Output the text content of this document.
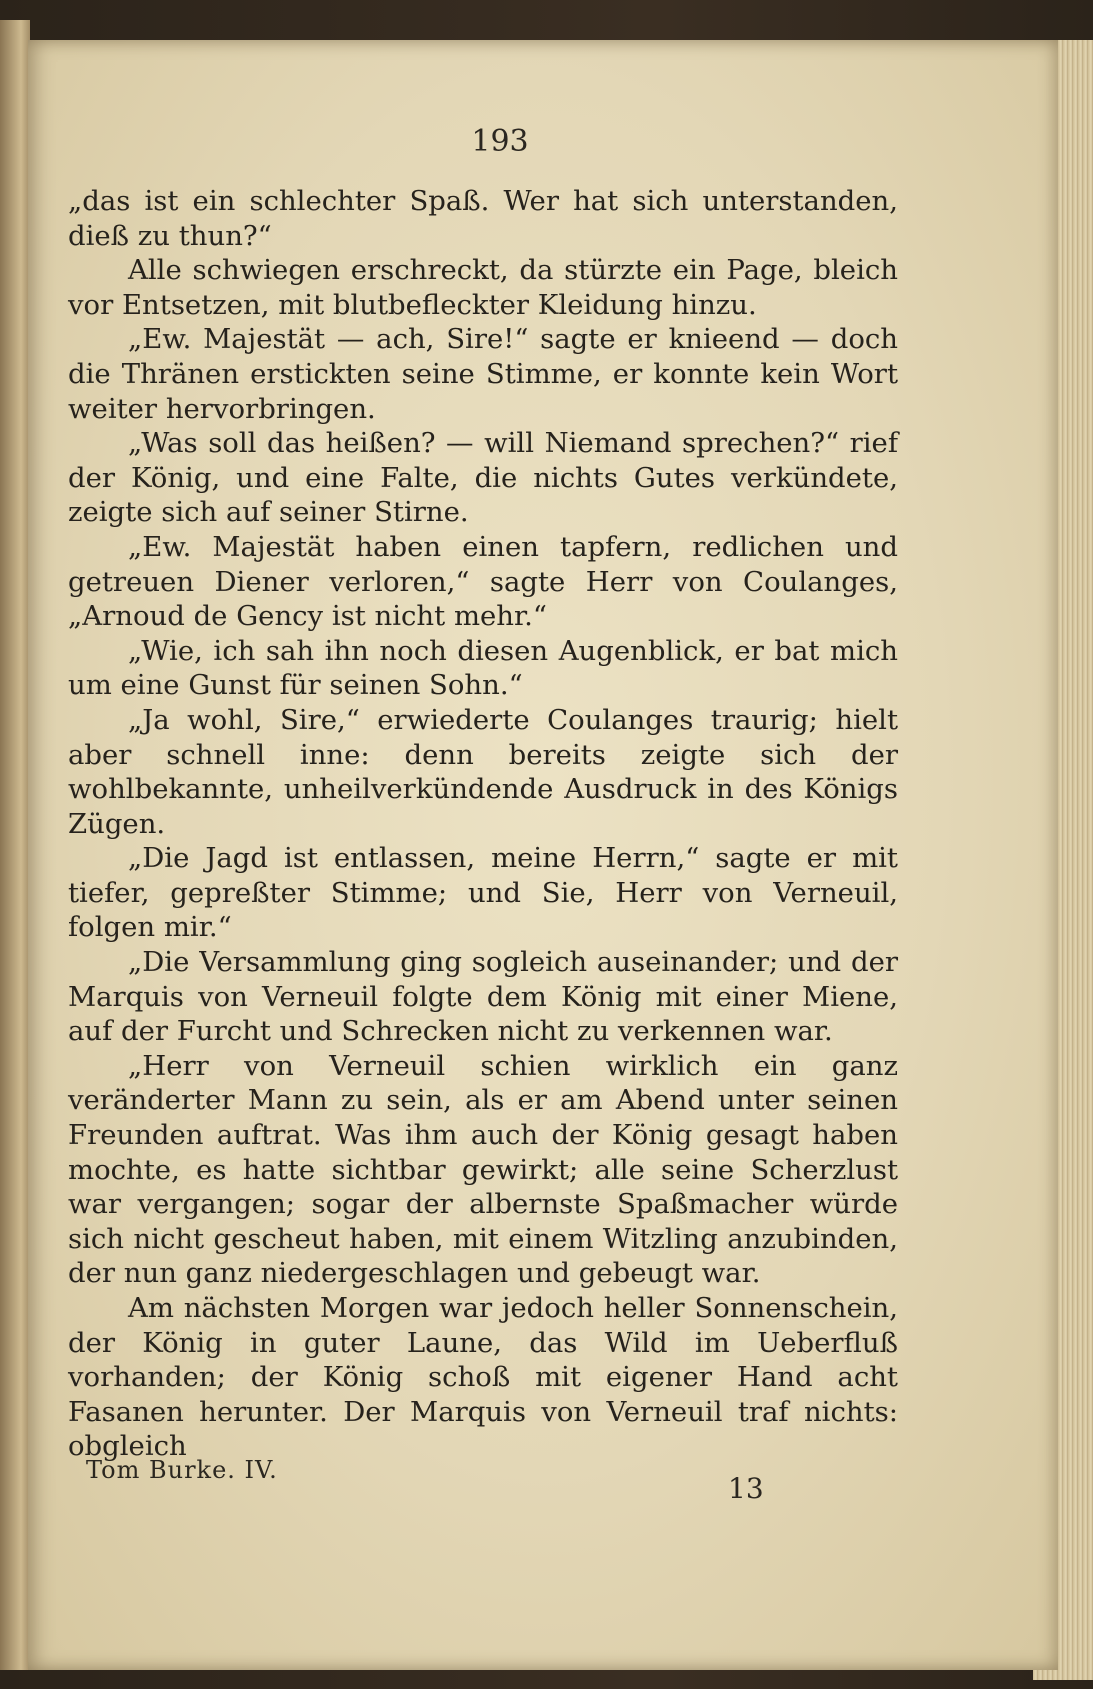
193

„das ist ein schlechter Spaß. Wer hat sich unterstanden, dieß zu thun?“

Alle schwiegen erschreckt, da stürzte ein Page, bleich vor Entsetzen, mit blutbefleckter Kleidung hinzu.

„Ew. Majestät — ach, Sire!“ sagte er knieend — doch die Thränen erstickten seine Stimme, er konnte kein Wort weiter hervorbringen.

„Was soll das heißen? — will Niemand sprechen?“ rief der König, und eine Falte, die nichts Gutes verkündete, zeigte sich auf seiner Stirne.

„Ew. Majestät haben einen tapfern, redlichen und getreuen Diener verloren,“ sagte Herr von Coulanges, „Arnoud de Gency ist nicht mehr.“

„Wie, ich sah ihn noch diesen Augenblick, er bat mich um eine Gunst für seinen Sohn.“

„Ja wohl, Sire,“ erwiederte Coulanges traurig; hielt aber schnell inne: denn bereits zeigte sich der wohlbekannte, unheilverkündende Ausdruck in des Königs Zügen.

„Die Jagd ist entlassen, meine Herrn,“ sagte er mit tiefer, gepreßter Stimme; und Sie, Herr von Verneuil, folgen mir.“

„Die Versammlung ging sogleich auseinander; und der Marquis von Verneuil folgte dem König mit einer Miene, auf der Furcht und Schrecken nicht zu verkennen war.

„Herr von Verneuil schien wirklich ein ganz veränderter Mann zu sein, als er am Abend unter seinen Freunden auftrat. Was ihm auch der König gesagt haben mochte, es hatte sichtbar gewirkt; alle seine Scherzlust war vergangen; sogar der albernste Spaßmacher würde sich nicht gescheut haben, mit einem Witzling anzubinden, der nun ganz niedergeschlagen und gebeugt war.

Am nächsten Morgen war jedoch heller Sonnenschein, der König in guter Laune, das Wild im Ueberfluß vorhanden; der König schoß mit eigener Hand acht Fasanen herunter. Der Marquis von Verneuil traf nichts: obgleich

Tom Burke. IV.
13
